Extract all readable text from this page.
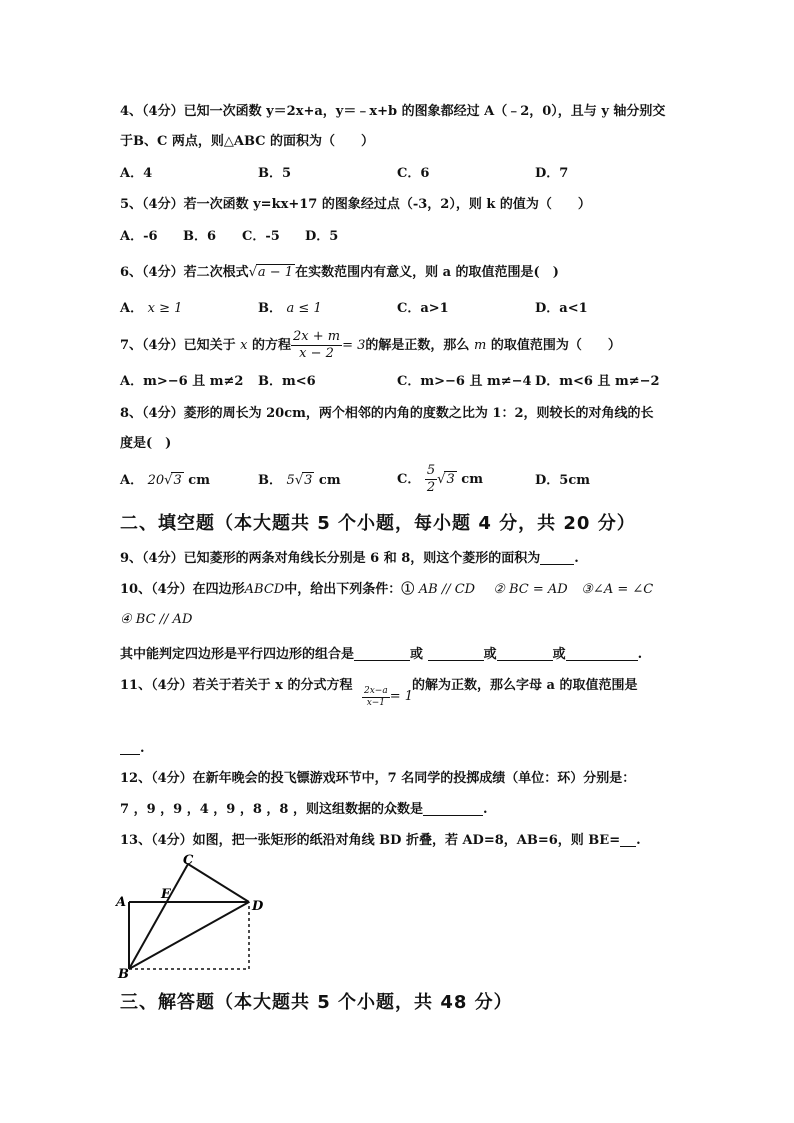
4、（4分）已知一次函数 y＝2x+a，y＝﹣x+b 的图象都经过 A（﹣2，0），且与 y 轴分别交
于B、C 两点，则△ABC 的面积为（　　）
A．4	B．5	C．6	D．7
5、（4分）若一次函数 y=kx+17 的图象经过点（-3，2），则 k 的值为（　　）
A．-6 B．6 C．-5 D．5
6、（4分）若二次根式√a − 1 在实数范围内有意义，则 a 的取值范围是(　)
A． x ≥ 1	B． a ≤ 1	C．a>1	D．a<1
7、（4分）已知关于 x 的方程 $\frac{2x + m}{x - 2} = 3$的解是正数，那么 m 的取值范围为（　　）
A．m>−6 且 m≠2 B．m<6	C．m>−6 且 m≠−4 D．m<6 且 m≠−2
8、（4分）菱形的周长为 20cm，两个相邻的内角的度数之比为 1：2，则较长的对角线的长
度是(　)
A． 20√3 cm	B． 5√3 cm	C． $\frac{5}{2} √3$ cm	D．5cm
二、填空题（本大题共 5 个小题，每小题 4 分，共 20 分）
9、（4分）已知菱形的两条对角线长分别是 6 和 8，则这个菱形的面积为	.
10、（4分）在四边形ABCD中，给出下列条件：① AB // CD ② BC = AD ③∠A = ∠C
④ BC // AD
其中能判定四边形是平行四边形的组合是	或	或	或	.
11、（4分）若关于若关于 x 的分式方程
$\frac{2x-a}{x-1} = 1$
的解为正数，那么字母 a 的取值范围是
.
12、（4分）在新年晚会的投飞镖游戏环节中，7 名同学的投掷成绩（单位：环）分别是：
7 ，9 ，9 ，4 ，9 ，8 ，8 ，则这组数据的众数是	.
13、（4分）如图，把一张矩形的纸沿对角线 BD 折叠，若 AD=8，AB=6，则 BE= .
A
B
C
D
E
三、解答题（本大题共 5 个小题，共 48 分）
